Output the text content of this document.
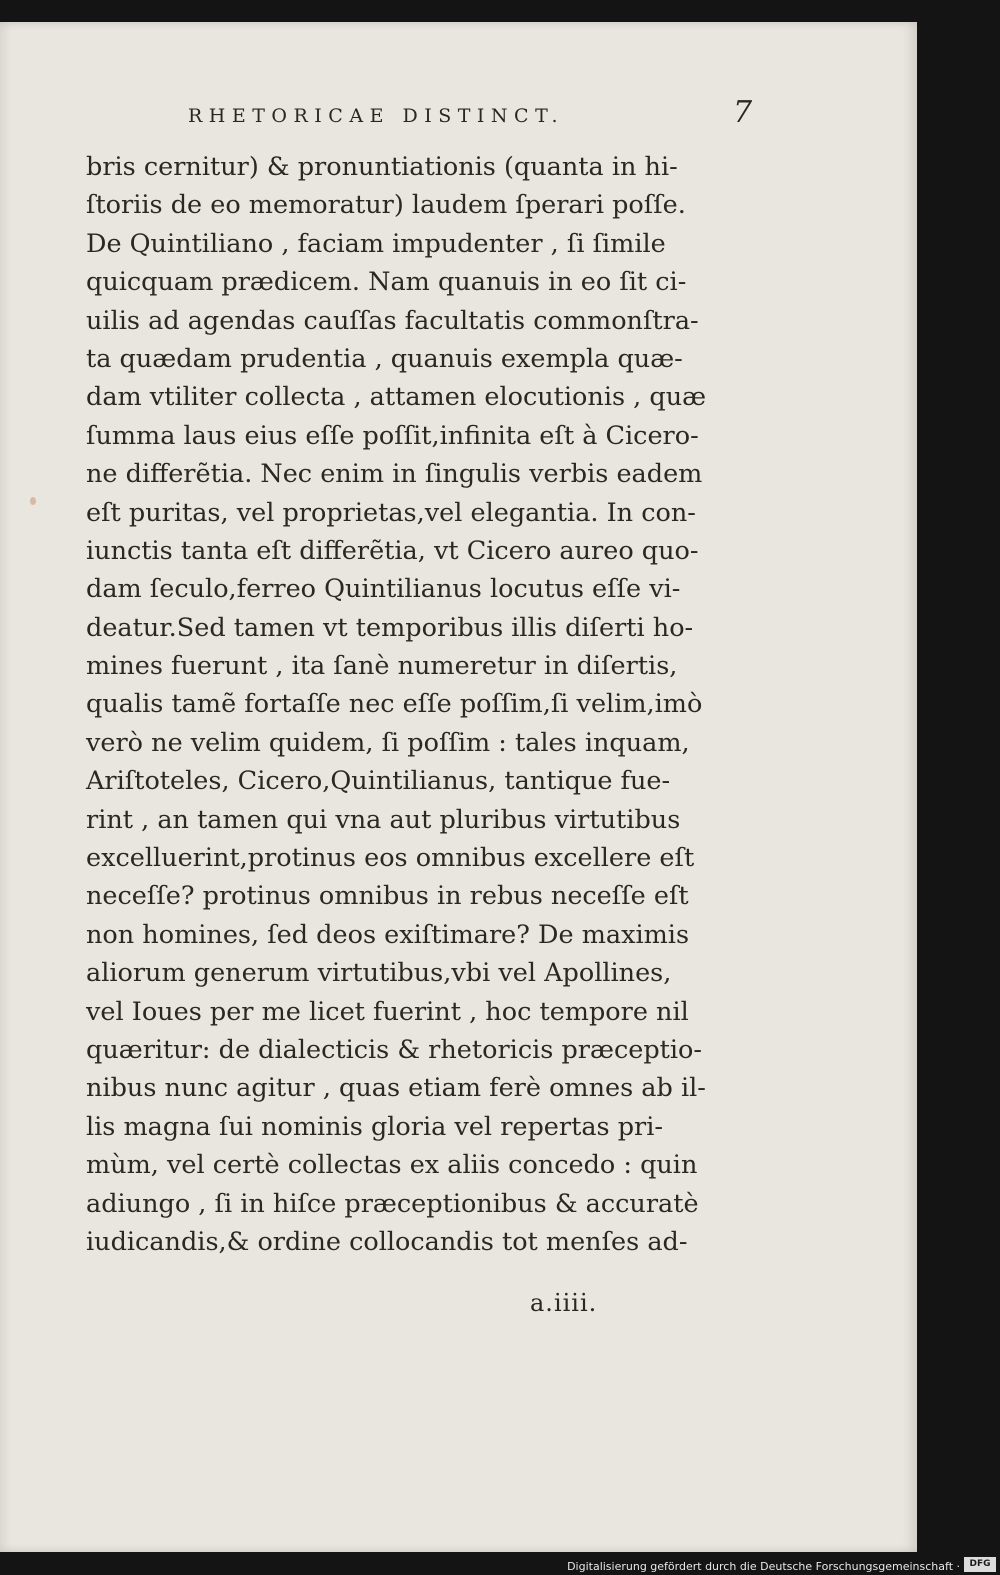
RHETORICAE DISTINCT.	7
bris cernitur) & pronuntiationis (quanta in hi-
ſtoriis de eo memoratur) laudem ſperari poſſe.
De Quintiliano , faciam impudenter , ſi ſimile
quicquam prædicem. Nam quanuis in eo ſit ci-
uilis ad agendas cauſſas facultatis commonſtra-
ta quædam prudentia , quanuis exempla quæ-
dam vtiliter collecta , attamen elocutionis , quæ
ſumma laus eius eſſe poſſit,infinita eſt à Cicero-
ne differẽtia. Nec enim in ſingulis verbis eadem
eſt puritas, vel proprietas,vel elegantia. In con-
iunctis tanta eſt differẽtia, vt Cicero aureo quo-
dam ſeculo,ferreo Quintilianus locutus eſſe vi-
deatur.Sed tamen vt temporibus illis diſerti ho-
mines fuerunt , ita ſanè numeretur in diſertis,
qualis tamẽ fortaſſe nec eſſe poſſim,ſi velim,imò
verò ne velim quidem, ſi poſſim : tales inquam,
Ariſtoteles, Cicero,Quintilianus, tantique fue-
rint , an tamen qui vna aut pluribus virtutibus
excelluerint,protinus eos omnibus excellere eſt
neceſſe? protinus omnibus in rebus neceſſe eſt
non homines, ſed deos exiſtimare? De maximis
aliorum generum virtutibus,vbi vel Apollines,
vel Ioues per me licet fuerint , hoc tempore nil
quæritur: de dialecticis & rhetoricis præceptio-
nibus nunc agitur , quas etiam ferè omnes ab il-
lis magna ſui nominis gloria vel repertas pri-
mùm, vel certè collectas ex aliis concedo : quin
adiungo , ſi in hiſce præceptionibus & accuratè
iudicandis,& ordine collocandis tot menſes ad-
a.iiii.
Digitalisierung gefördert durch die Deutsche Forschungsgemeinschaft ·	DFG
